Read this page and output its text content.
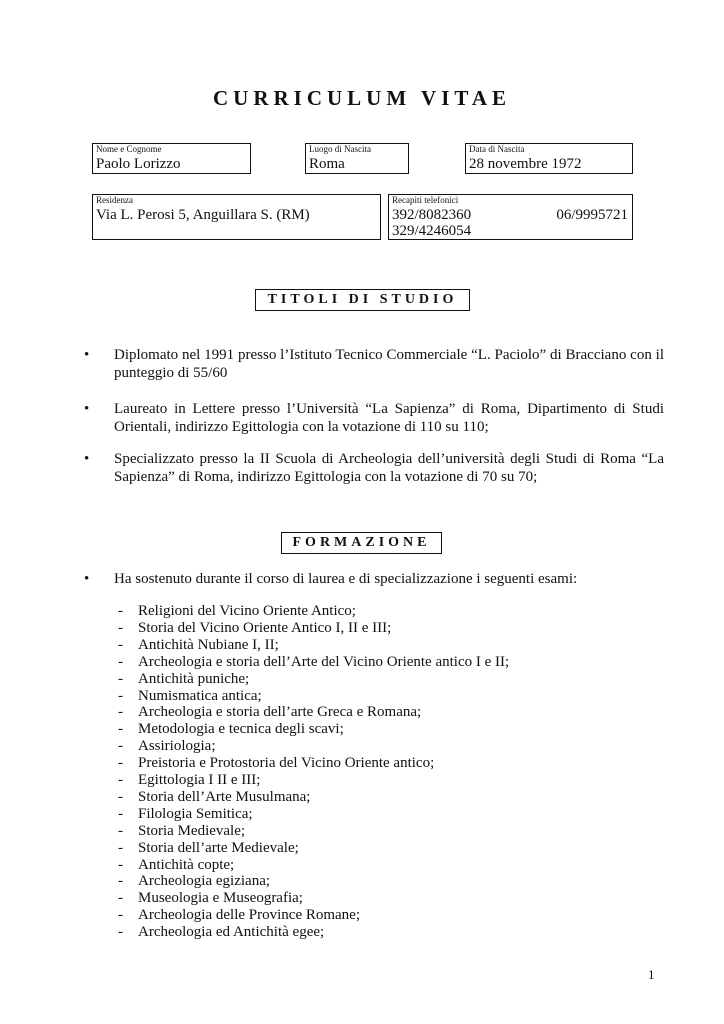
CURRICULUM VITAE
Nome e Cognome
Paolo Lorizzo
Luogo di Nascita
Roma
Data di Nascita
28 novembre 1972
Residenza
Via L. Perosi 5, Anguillara S. (RM)
Recapiti telefonici
392/8082360	06/9995721
329/4246054
TITOLI DI STUDIO
• Diplomato nel 1991 presso l’Istituto Tecnico Commerciale “L. Paciolo” di Bracciano con il punteggio di 55/60
• Laureato in Lettere presso l’Università “La Sapienza” di Roma, Dipartimento di Studi Orientali, indirizzo Egittologia con la votazione di 110 su 110;
• Specializzato presso la II Scuola di Archeologia dell’università degli Studi di Roma “La Sapienza” di Roma, indirizzo Egittologia con la votazione di 70 su 70;
FORMAZIONE
• Ha sostenuto durante il corso di laurea e di specializzazione i seguenti esami:
- Religioni del Vicino Oriente Antico;
- Storia del Vicino Oriente Antico I, II e III;
- Antichità Nubiane I, II;
- Archeologia e storia dell’Arte del Vicino Oriente antico I e II;
- Antichità puniche;
- Numismatica antica;
- Archeologia e storia dell’arte Greca e Romana;
- Metodologia e tecnica degli scavi;
- Assiriologia;
- Preistoria e Protostoria del Vicino Oriente antico;
- Egittologia I II e III;
- Storia dell’Arte Musulmana;
- Filologia Semitica;
- Storia Medievale;
- Storia dell’arte Medievale;
- Antichità copte;
- Archeologia egiziana;
- Museologia e Museografia;
- Archeologia delle Province Romane;
- Archeologia ed Antichità egee;
1
